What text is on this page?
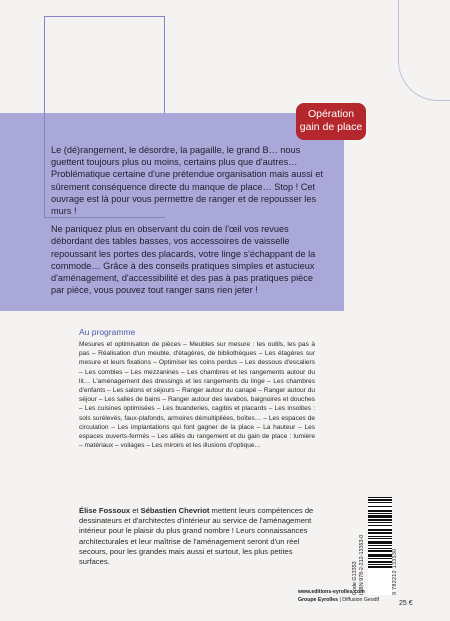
Opération
gain de place

Le (dé)rangement, le désordre, la pagaille, le grand B… nous guettent toujours plus ou moins, certains plus que d'autres… Problématique certaine d'une prétendue organisation mais aussi et sûrement conséquence directe du manque de place… Stop ! Cet ouvrage est là pour vous permettre de ranger et de repousser les murs !

Ne paniquez plus en observant du coin de l'œil vos revues débordant des tables basses, vos accessoires de vaisselle repoussant les portes des placards, votre linge s'échappant de la commode… Grâce à des conseils pratiques simples et astucieux d'aménagement, d'accessibilité et des pas à pas pratiques pièce par pièce, vous pouvez tout ranger sans rien jeter !

Au programme
Mesures et optimisation de pièces – Meubles sur mesure : les outils, les pas à pas – Réalisation d'un meuble, d'étagères, de bibliothèques – Les étagères sur mesure et leurs fixations – Optimiser les coins perdus – Les dessous d'escaliers – Les combles – Les mezzanines – Les chambres et les rangements autour du lit… L'aménagement des dressings et les rangements du linge – Les chambres d'enfants – Les salons et séjours – Ranger autour du canapé – Ranger autour du séjour – Les salles de bains – Ranger autour des lavabos, baignoires et douches – Les cuisines optimisées – Les buanderies, cagibis et placards – Les insolites : sols surélevés, faux-plafonds, armoires démultipliées, boîtes… – Les espaces de circulation – Les implantations qui font gagner de la place – La hauteur – Les espaces ouverts-fermés – Les alliés du rangement et du gain de place : lumière – matériaux – voilages – Les miroirs et les illusions d'optique…
Élise Fossoux et Sébastien Chevriot mettent leurs compétences de dessinateurs et d'architectes d'intérieur au service de l'aménagement intérieur pour le plaisir du plus grand nombre ! Leurs connaissances architecturales et leur maîtrise de l'aménagement seront d'un réel secours, pour les grandes mais aussi et surtout, les plus petites surfaces.	Code G13353 ISBN 978-2-212-13353-0	9 782212 133530
www.editions-eyrolles.com
Groupe Eyrolles | Diffusion Geodif	25 €
